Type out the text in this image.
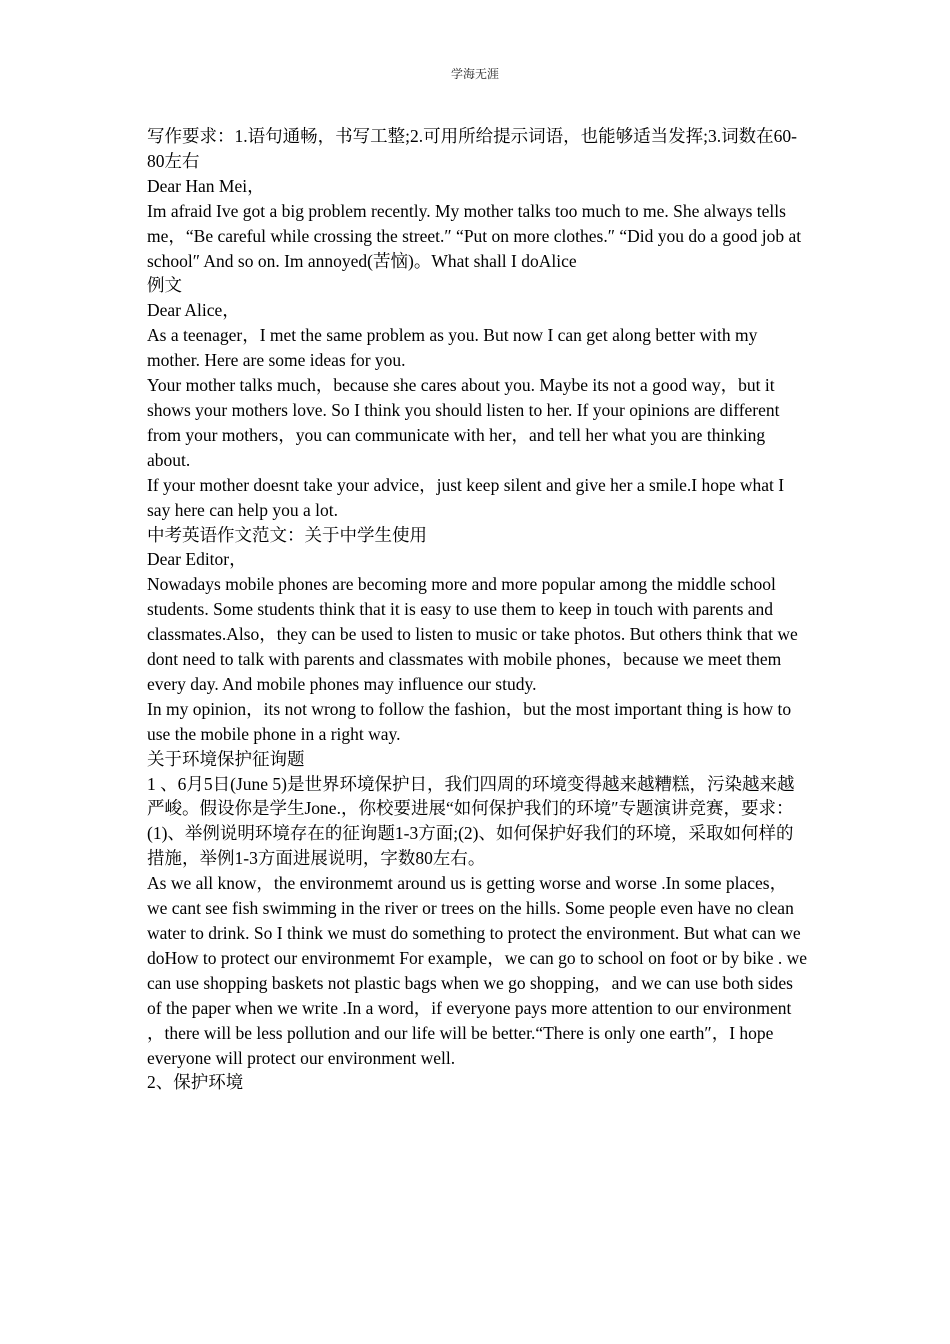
学海无涯

写作要求：1.语句通畅，书写工整;2.可用所给提示词语，也能够适当发挥;3.词数在60-80左右

Dear Han Mei，

Im afraid Ive got a big problem recently. My mother talks too much to me. She always tells me，“Be careful while crossing the street.″ “Put on more clothes.″ “Did you do a good job at school″ And so on. Im annoyed(苦恼)。What shall I doAlice

例文

Dear Alice，

As a teenager，I met the same problem as you. But now I can get along better with my mother. Here are some ideas for you.

Your mother talks much，because she cares about you. Maybe its not a good way，but it shows your mothers love. So I think you should listen to her. If your opinions are different from your mothers，you can communicate with her，and tell her what you are thinking about.

If your mother doesnt take your advice，just keep silent and give her a smile.I hope what I say here can help you a lot.

中考英语作文范文：关于中学生使用

Dear Editor，

Nowadays mobile phones are becoming more and more popular among the middle school students. Some students think that it is easy to use them to keep in touch with parents and classmates.Also，they can be used to listen to music or take photos. But others think that we dont need to talk with parents and classmates with mobile phones，because we meet them every day. And mobile phones may influence our study.

In my opinion，its not wrong to follow the fashion，but the most important thing is how to use the mobile phone in a right way.

关于环境保护征询题

1 、6月5日(June 5)是世界环境保护日，我们四周的环境变得越来越糟糕，污染越来越严峻。假设你是学生Jone.，你校要进展“如何保护我们的环境″专题演讲竞赛，要求：(1)、举例说明环境存在的征询题1-3方面;(2)、如何保护好我们的环境，采取如何样的措施，举例1-3方面进展说明，字数80左右。

As we all know，the environmemt around us is getting worse and worse .In some places，we cant see fish swimming in the river or trees on the hills. Some people even have no clean water to drink. So I think we must do something to protect the environment. But what can we doHow to protect our environmemt For example，we can go to school on foot or by bike . we can use shopping baskets not plastic bags when we go shopping，and we can use both sides of the paper when we write .In a word，if everyone pays more attention to our environment ，there will be less pollution and our life will be better.“There is only one earth″，I hope everyone will protect our environment well.

2、保护环境
